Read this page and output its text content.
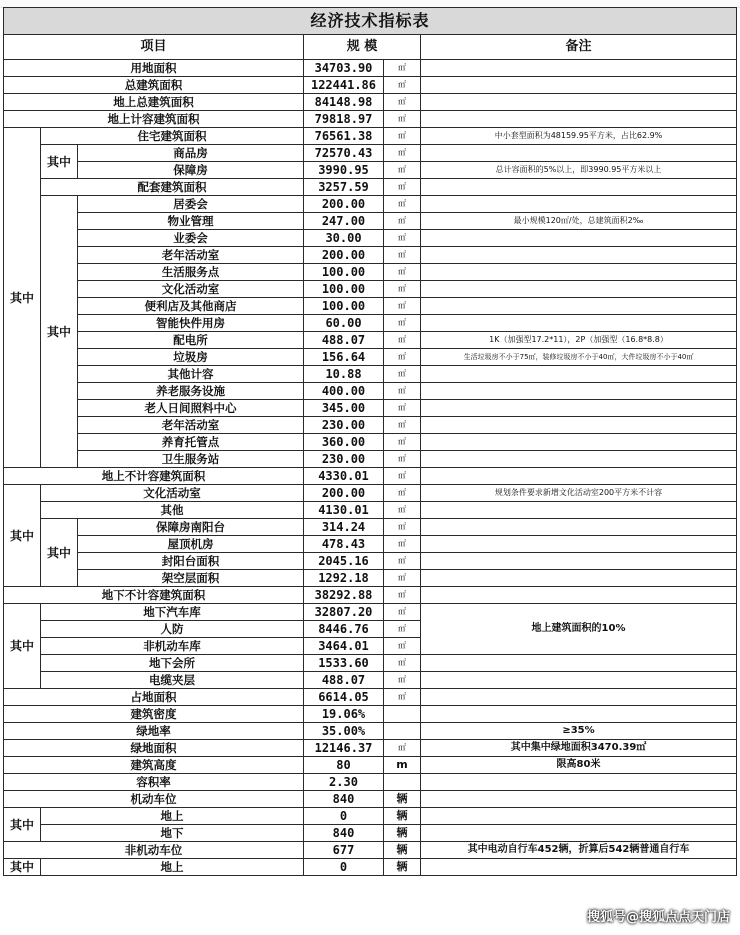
经济技术指标表					
项目			规 模		备注
用地面积			34703.90	㎡	
总建筑面积			122441.86	㎡	
地上总建筑面积			84148.98	㎡	
地上计容建筑面积			79818.97	㎡	
其中	住宅建筑面积		76561.38	㎡	中小套型面积为48159.95平方米，占比62.9%
	其中	商品房	72570.43	㎡	
		保障房	3990.95	㎡	总计容面积的5%以上，即3990.95平方米以上
	配套建筑面积		3257.59	㎡	
	其中	居委会	200.00	㎡	
		物业管理	247.00	㎡	最小规模120㎡/处，总建筑面积2‰
		业委会	30.00	㎡	
		老年活动室	200.00	㎡	
		生活服务点	100.00	㎡	
		文化活动室	100.00	㎡	
		便利店及其他商店	100.00	㎡	
		智能快件用房	60.00	㎡	
		配电所	488.07	㎡	1K（加强型17.2*11），2P（加强型（16.8*8.8）
		垃圾房	156.64	㎡	生活垃圾房不小于75㎡，装修垃圾房不小于40㎡，大件垃圾房不小于40㎡
		其他计容	10.88	㎡	
		养老服务设施	400.00	㎡	
		老人日间照料中心	345.00	㎡	
		老年活动室	230.00	㎡	
		养育托管点	360.00	㎡	
		卫生服务站	230.00	㎡	
地上不计容建筑面积			4330.01	㎡	
其中	文化活动室		200.00	㎡	规划条件要求新增文化活动室200平方米不计容
	其他		4130.01	㎡	
	其中	保障房南阳台	314.24	㎡	
		屋顶机房	478.43	㎡	
		封阳台面积	2045.16	㎡	
		架空层面积	1292.18	㎡	
地下不计容建筑面积			38292.88	㎡	
其中	地下汽车库		32807.20	㎡	地上建筑面积的10%
	人防		8446.76	㎡	
	非机动车库		3464.01	㎡	
	地下会所		1533.60	㎡	
	电缆夹层		488.07	㎡	
占地面积			6614.05	㎡	
建筑密度			19.06%		
绿地率			35.00%		≥35%
绿地面积			12146.37	㎡	其中集中绿地面积3470.39㎡
建筑高度			80	m	限高80米
容积率			2.30		
机动车位			840	辆	
其中	地上		0	辆	
	地下		840	辆	
非机动车位			677	辆	其中电动自行车452辆，折算后542辆普通自行车
其中	地上		0	辆	
搜狐号@搜狐点点天门店
